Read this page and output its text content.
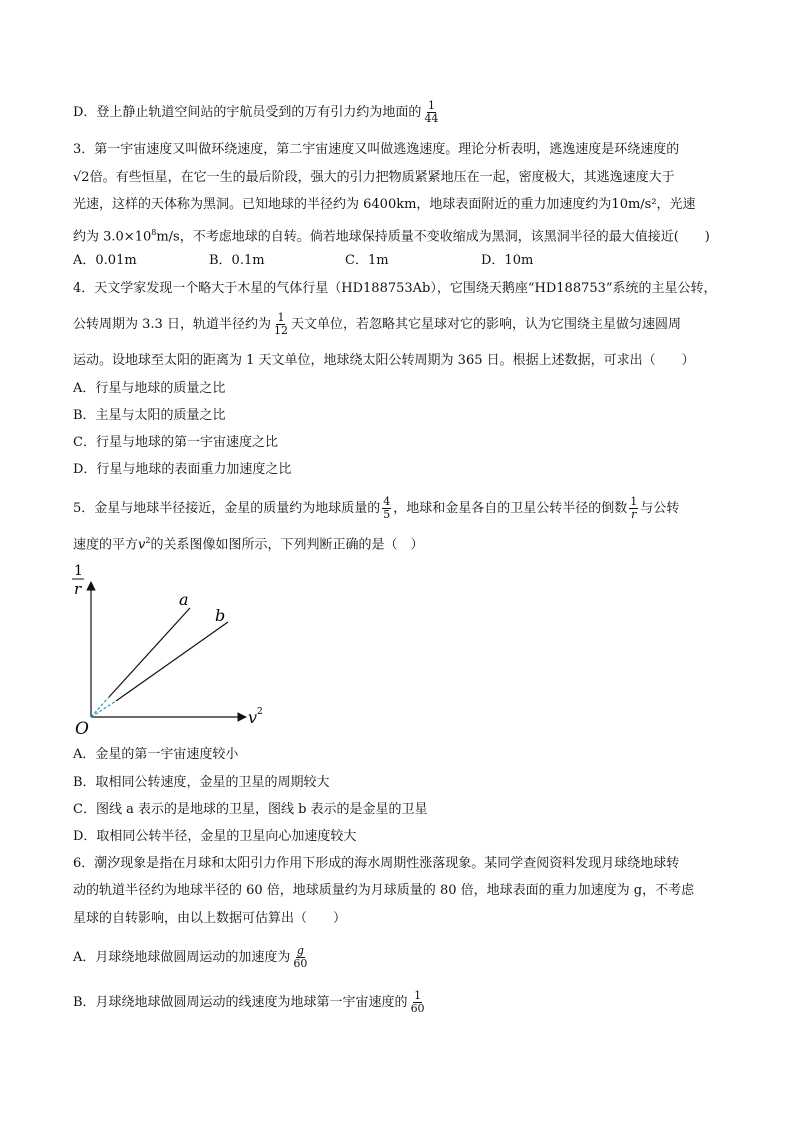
D．登上静止轨道空间站的宇航员受到的万有引力约为地面的 $\frac{1}{44}$
3．第一宇宙速度又叫做环绕速度，第二宇宙速度又叫做逃逸速度。理论分析表明，逃逸速度是环绕速度的
√2倍。有些恒星，在它一生的最后阶段，强大的引力把物质紧紧地压在一起，密度极大，其逃逸速度大于
光速，这样的天体称为黑洞。已知地球的半径约为 6400km，地球表面附近的重力加速度约为10m/s²，光速
约为 $3.0\times 10^8m/s$，不考虑地球的自转。倘若地球保持质量不变收缩成为黑洞，该黑洞半径的最大值接近(　　)
A．0.01m	B．0.1m	C．1m	D．10m
4．天文学家发现一个略大于木星的气体行星（HD188753Ab），它围绕天鹅座“HD188753”系统的主星公转，
公转周期为 3.3 日，轨道半径约为 $\frac{1}{12}$ 天文单位，若忽略其它星球对它的影响，认为它围绕主星做匀速圆周
运动。设地球至太阳的距离为 1 天文单位，地球绕太阳公转周期为 365 日。根据上述数据，可求出（　　）
A．行星与地球的质量之比
B．主星与太阳的质量之比
C．行星与地球的第一宇宙速度之比
D．行星与地球的表面重力加速度之比
5．金星与地球半径接近，金星的质量约为地球质量的 $\frac{4}{5}$ ，地球和金星各自的卫星公转半径的倒数 $\frac{1}{r}$ 与公转
速度的平方$v^2$的关系图像如图所示，下列判断正确的是（　）
1
r
v 2
O
a
b
A．金星的第一宇宙速度较小
B．取相同公转速度，金星的卫星的周期较大
C．图线 a 表示的是地球的卫星，图线 b 表示的是金星的卫星
D．取相同公转半径，金星的卫星向心加速度较大
6．潮汐现象是指在月球和太阳引力作用下形成的海水周期性涨落现象。某同学查阅资料发现月球绕地球转
动的轨道半径约为地球半径的 60 倍，地球质量约为月球质量的 80 倍，地球表面的重力加速度为 g，不考虑
星球的自转影响，由以上数据可估算出（　　）
A．月球绕地球做圆周运动的加速度为 $\frac{g}{60}$
B．月球绕地球做圆周运动的线速度为地球第一宇宙速度的 $\frac{1}{60}$
